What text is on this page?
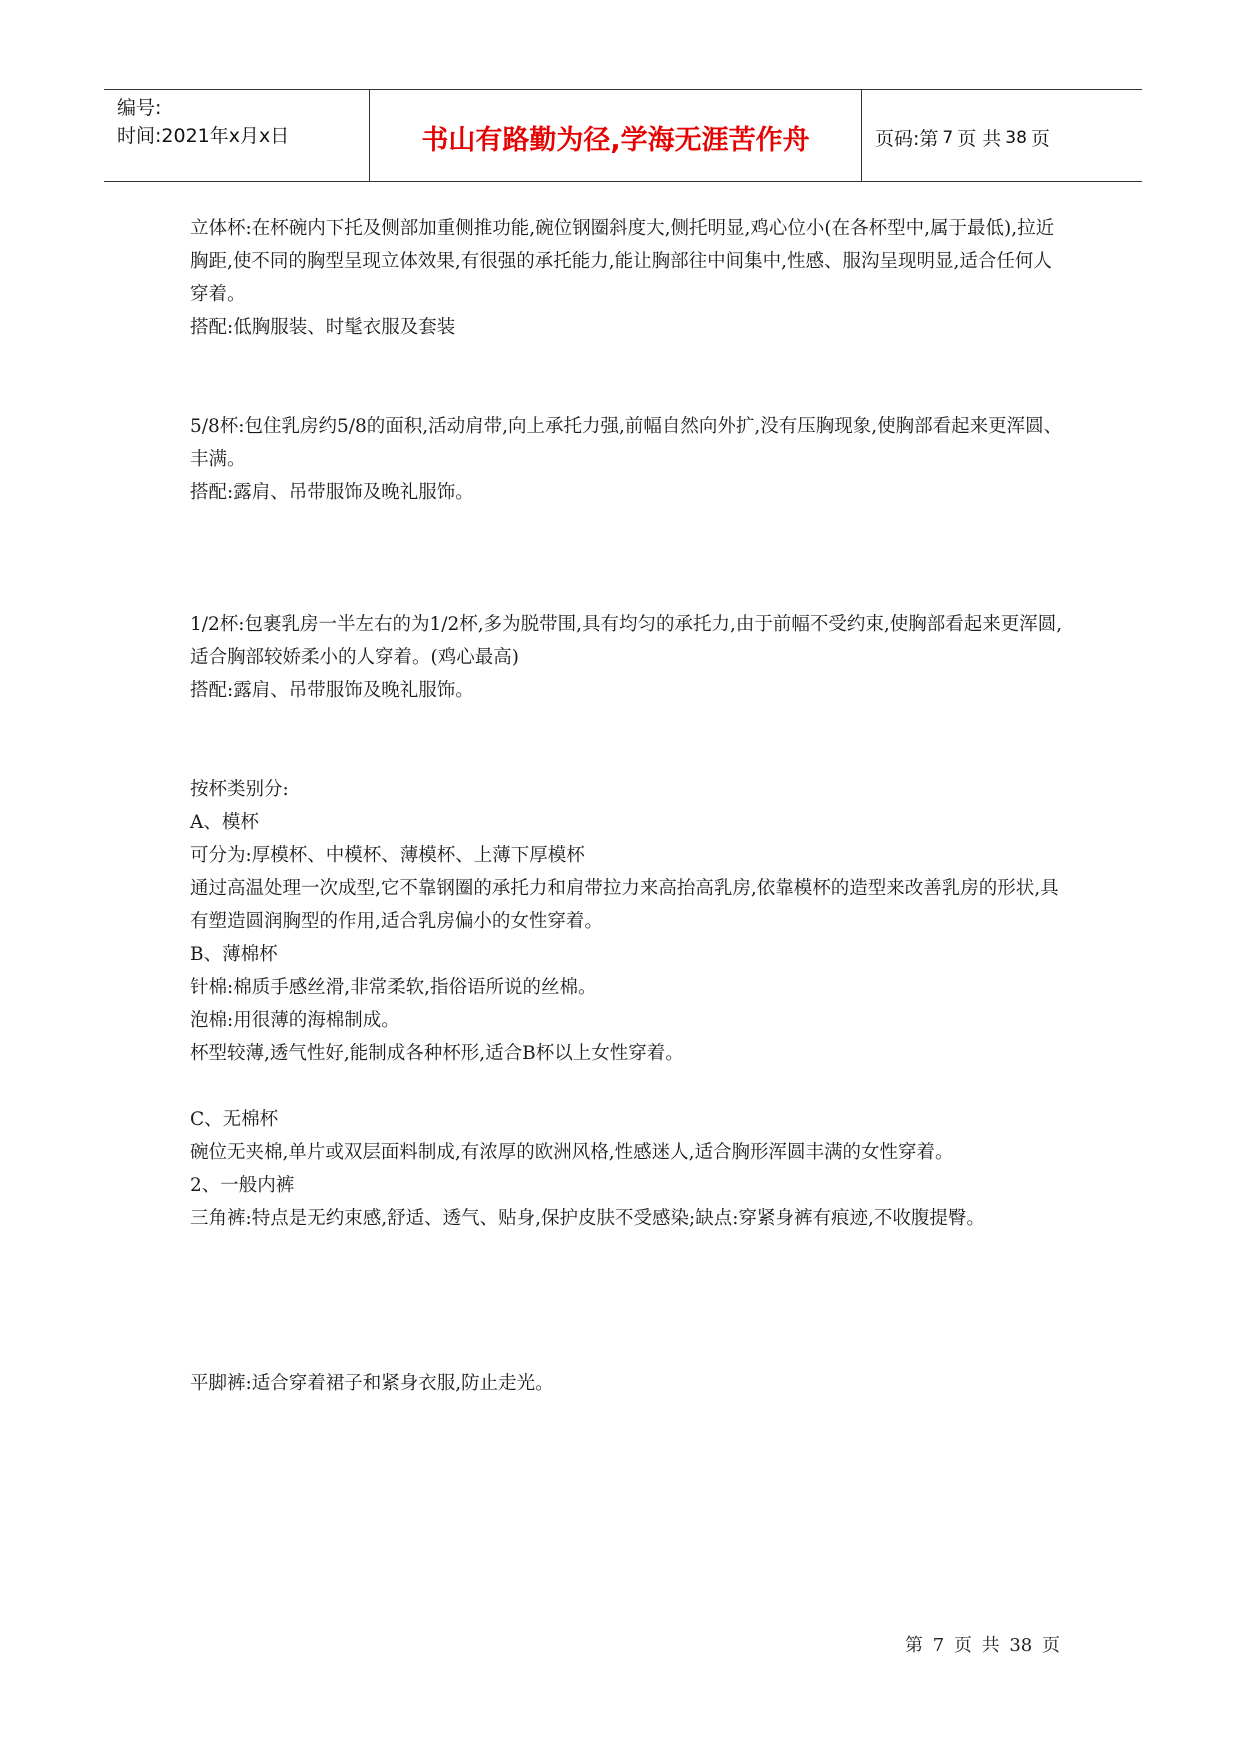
编号:
时间:2021年x月x日	书山有路勤为径,学海无涯苦作舟	页码:第 7 页 共 38 页

立体杯:在杯碗内下托及侧部加重侧推功能,碗位钢圈斜度大,侧托明显,鸡心位小(在各杯型中,属于最低),拉近胸距,使不同的胸型呈现立体效果,有很强的承托能力,能让胸部往中间集中,性感、服沟呈现明显,适合任何人穿着。

搭配:低胸服装、时髦衣服及套装

5/8杯:包住乳房约5/8的面积,活动肩带,向上承托力强,前幅自然向外扩,没有压胸现象,使胸部看起来更浑圆、丰满。

搭配:露肩、吊带服饰及晚礼服饰。

1/2杯:包裹乳房一半左右的为1/2杯,多为脱带围,具有均匀的承托力,由于前幅不受约束,使胸部看起来更浑圆,适合胸部较娇柔小的人穿着。(鸡心最高)

搭配:露肩、吊带服饰及晚礼服饰。

按杯类别分:

A、模杯

可分为:厚模杯、中模杯、薄模杯、上薄下厚模杯

通过高温处理一次成型,它不靠钢圈的承托力和肩带拉力来高抬高乳房,依靠模杯的造型来改善乳房的形状,具有塑造圆润胸型的作用,适合乳房偏小的女性穿着。

B、薄棉杯

针棉:棉质手感丝滑,非常柔软,指俗语所说的丝棉。

泡棉:用很薄的海棉制成。

杯型较薄,透气性好,能制成各种杯形,适合B杯以上女性穿着。

C、无棉杯

碗位无夹棉,单片或双层面料制成,有浓厚的欧洲风格,性感迷人,适合胸形浑圆丰满的女性穿着。

2、一般内裤

三角裤:特点是无约束感,舒适、透气、贴身,保护皮肤不受感染;缺点:穿紧身裤有痕迹,不收腹提臀。

平脚裤:适合穿着裙子和紧身衣服,防止走光。

第 7 页 共 38 页
